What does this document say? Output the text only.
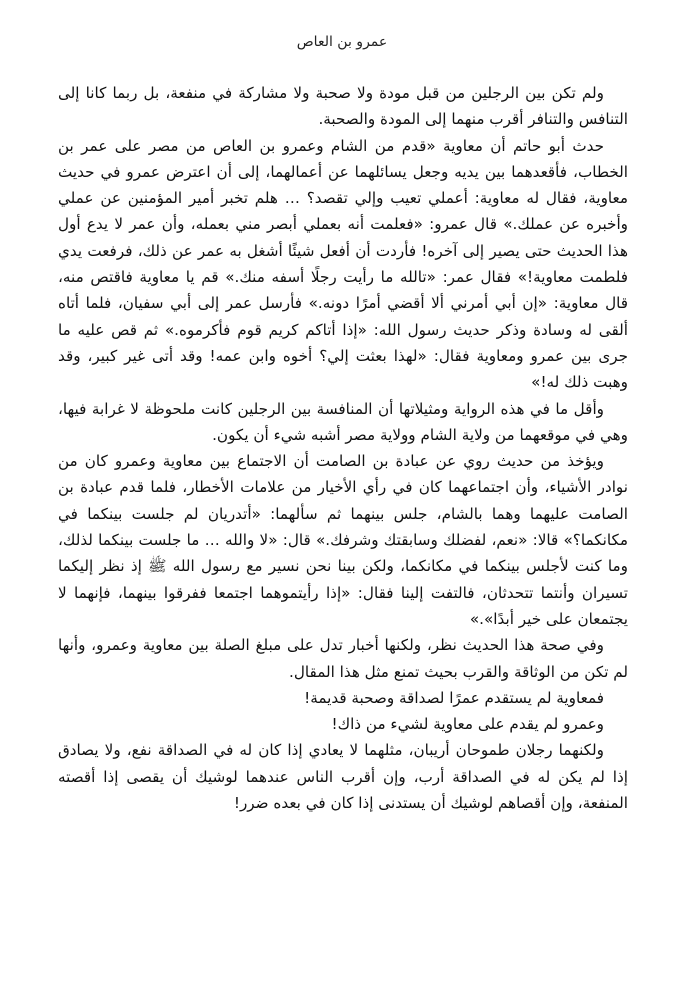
عمرو بن العاص

ولم تكن بين الرجلين من قبل مودة ولا صحبة ولا مشاركة في منفعة، بل ربما كانا إلى التنافس والتنافر أقرب منهما إلى المودة والصحبة.

حدث أبو حاتم أن معاوية «قدم من الشام وعمرو بن العاص من مصر على عمر بن الخطاب، فأقعدهما بين يديه وجعل يسائلهما عن أعمالهما، إلى أن اعترض عمرو في حديث معاوية، فقال له معاوية: أعملي تعيب وإلي تقصد؟ … هلم تخبر أمير المؤمنين عن عملي وأخبره عن عملك.» قال عمرو: «فعلمت أنه بعملي أبصر مني بعمله، وأن عمر لا يدع أول هذا الحديث حتى يصير إلى آخره! فأردت أن أفعل شيئًا أشغل به عمر عن ذلك، فرفعت يدي فلطمت معاوية!» فقال عمر: «تالله ما رأيت رجلًا أسفه منك.» قم يا معاوية فاقتص منه، قال معاوية: «إن أبي أمرني ألا أقضي أمرًا دونه.» فأرسل عمر إلى أبي سفيان، فلما أتاه ألقى له وسادة وذكر حديث رسول الله: «إذا أتاكم كريم قوم فأكرموه.» ثم قص عليه ما جرى بين عمرو ومعاوية فقال: «لهذا بعثت إلي؟ أخوه وابن عمه! وقد أتى غير كبير، وقد وهبت ذلك له!»

وأقل ما في هذه الرواية ومثيلاتها أن المنافسة بين الرجلين كانت ملحوظة لا غرابة فيها، وهي في موقعهما من ولاية الشام وولاية مصر أشبه شيء أن يكون.

ويؤخذ من حديث روي عن عبادة بن الصامت أن الاجتماع بين معاوية وعمرو كان من نوادر الأشياء، وأن اجتماعهما كان في رأي الأخيار من علامات الأخطار، فلما قدم عبادة بن الصامت عليهما وهما بالشام، جلس بينهما ثم سألهما: «أتدريان لم جلست بينكما في مكانكما؟» قالا: «نعم، لفضلك وسابقتك وشرفك.» قال: «لا والله … ما جلست بينكما لذلك، وما كنت لأجلس بينكما في مكانكما، ولكن بينا نحن نسير مع رسول الله ﷺ إذ نظر إليكما تسيران وأنتما تتحدثان، فالتفت إلينا فقال: «إذا رأيتموهما اجتمعا ففرقوا بينهما، فإنهما لا يجتمعان على خير أبدًا».»

وفي صحة هذا الحديث نظر، ولكنها أخبار تدل على مبلغ الصلة بين معاوية وعمرو، وأنها لم تكن من الوثاقة والقرب بحيث تمنع مثل هذا المقال.

فمعاوية لم يستقدم عمرًا لصداقة وصحبة قديمة!

وعمرو لم يقدم على معاوية لشيء من ذاك!

ولكنهما رجلان طموحان أريبان، مثلهما لا يعادي إذا كان له في الصداقة نفع، ولا يصادق إذا لم يكن له في الصداقة أرب، وإن أقرب الناس عندهما لوشيك أن يقصى إذا أقصته المنفعة، وإن أقصاهم لوشيك أن يستدنى إذا كان في بعده ضرر!
